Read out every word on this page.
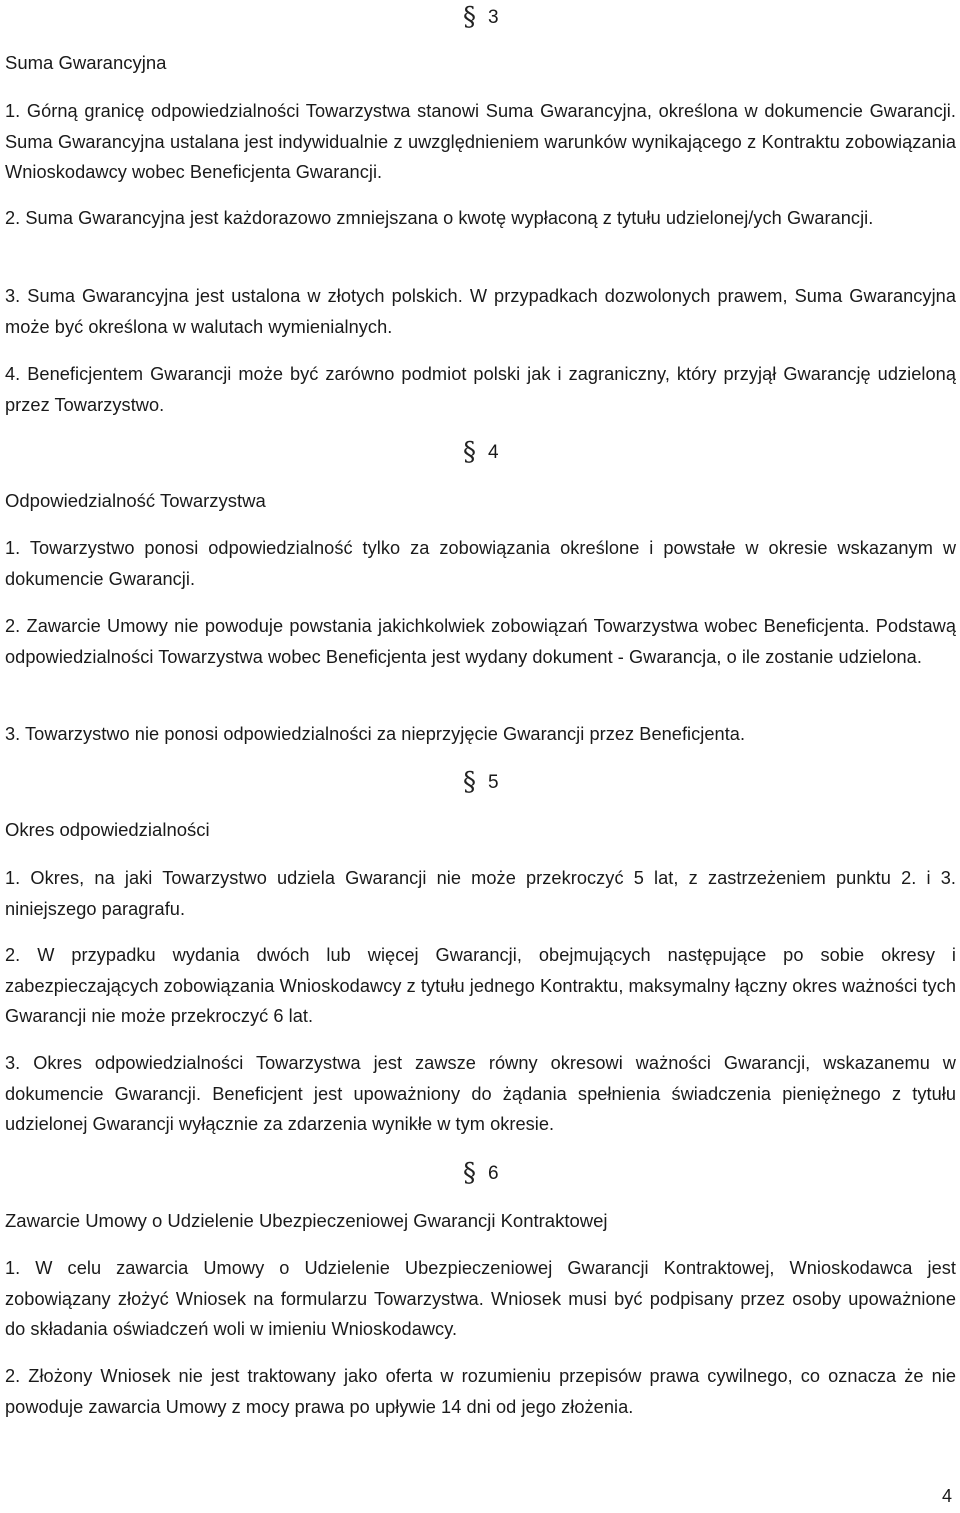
§ 3

Suma Gwarancyjna

1. Górną granicę odpowiedzialności Towarzystwa stanowi Suma Gwarancyjna, określona w dokumencie Gwarancji. Suma Gwarancyjna ustalana jest indywidualnie z uwzględnieniem warunków wynikającego z Kontraktu zobowiązania Wnioskodawcy wobec Beneficjenta Gwarancji.

2. Suma Gwarancyjna jest każdorazowo zmniejszana o kwotę wypłaconą z tytułu udzielonej/ych Gwarancji.

3. Suma Gwarancyjna jest ustalona w złotych polskich. W przypadkach dozwolonych prawem, Suma Gwarancyjna może być określona w walutach wymienialnych.

4. Beneficjentem Gwarancji może być zarówno podmiot polski jak i zagraniczny, który przyjął Gwarancję udzieloną przez Towarzystwo.

§ 4

Odpowiedzialność Towarzystwa

1. Towarzystwo ponosi odpowiedzialność tylko za zobowiązania określone i powstałe w okresie wskazanym w dokumencie Gwarancji.

2. Zawarcie Umowy nie powoduje powstania jakichkolwiek zobowiązań Towarzystwa wobec Beneficjenta. Podstawą odpowiedzialności Towarzystwa wobec Beneficjenta jest wydany dokument - Gwarancja, o ile zostanie udzielona.

3. Towarzystwo nie ponosi odpowiedzialności za nieprzyjęcie Gwarancji przez Beneficjenta.

§ 5

Okres odpowiedzialności

1. Okres, na jaki Towarzystwo udziela Gwarancji nie może przekroczyć 5 lat, z zastrzeżeniem punktu 2. i 3. niniejszego paragrafu.

2. W przypadku wydania dwóch lub więcej Gwarancji, obejmujących następujące po sobie okresy i zabezpieczających zobowiązania Wnioskodawcy z tytułu jednego Kontraktu, maksymalny łączny okres ważności tych Gwarancji nie może przekroczyć 6 lat.

3. Okres odpowiedzialności Towarzystwa jest zawsze równy okresowi ważności Gwarancji, wskazanemu w dokumencie Gwarancji. Beneficjent jest upoważniony do żądania spełnienia świadczenia pieniężnego z tytułu udzielonej Gwarancji wyłącznie za zdarzenia wynikłe w tym okresie.

§ 6

Zawarcie Umowy o Udzielenie Ubezpieczeniowej Gwarancji Kontraktowej

1. W celu zawarcia Umowy o Udzielenie Ubezpieczeniowej Gwarancji Kontraktowej, Wnioskodawca jest zobowiązany złożyć Wniosek na formularzu Towarzystwa. Wniosek musi być podpisany przez osoby upoważnione do składania oświadczeń woli w imieniu Wnioskodawcy.

2. Złożony Wniosek nie jest traktowany jako oferta w rozumieniu przepisów prawa cywilnego, co oznacza że nie powoduje zawarcia Umowy z mocy prawa po upływie 14 dni od jego złożenia.

4
